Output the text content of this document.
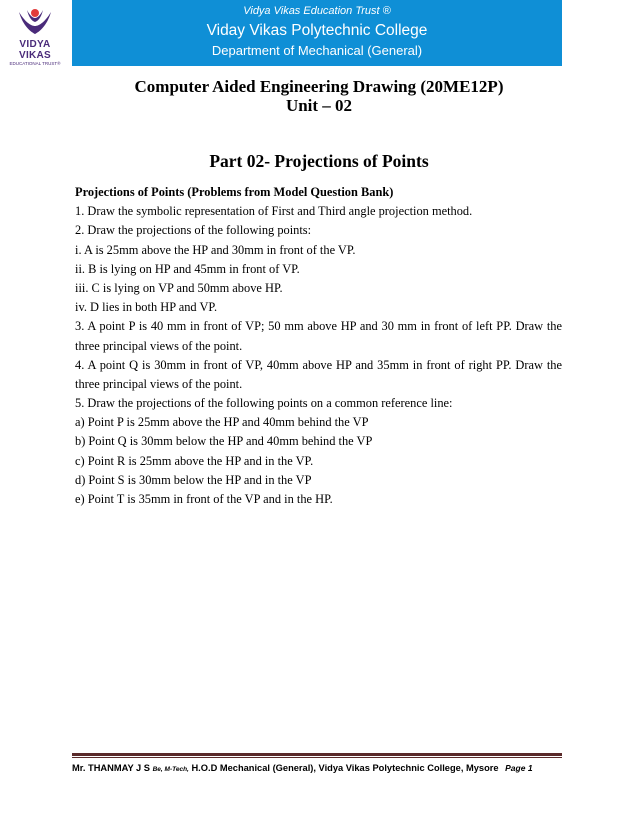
VIDYA VIKAS
EDUCATIONAL TRUST®
Vidya Vikas Education Trust ®
Viday Vikas Polytechnic College
Department of Mechanical (General)
Computer Aided Engineering Drawing (20ME12P)
Unit – 02
Part 02- Projections of Points
Projections of Points (Problems from Model Question Bank)
1. Draw the symbolic representation of First and Third angle projection method.
2. Draw the projections of the following points:
i. A is 25mm above the HP and 30mm in front of the VP.
ii. B is lying on HP and 45mm in front of VP.
iii. C is lying on VP and 50mm above HP.
iv. D lies in both HP and VP.
3. A point P is 40 mm in front of VP; 50 mm above HP and 30 mm in front of left PP. Draw the
three principal views of the point.
4. A point Q is 30mm in front of VP, 40mm above HP and 35mm in front of right PP. Draw the
three principal views of the point.
5. Draw the projections of the following points on a common reference line:
a) Point P is 25mm above the HP and 40mm behind the VP
b) Point Q is 30mm below the HP and 40mm behind the VP
c) Point R is 25mm above the HP and in the VP.
d) Point S is 30mm below the HP and in the VP
e) Point T is 35mm in front of the VP and in the HP.
Mr. THANMAY J S Be, M-Tech, H.O.D Mechanical (General), Vidya Vikas Polytechnic College, Mysore Page 1
